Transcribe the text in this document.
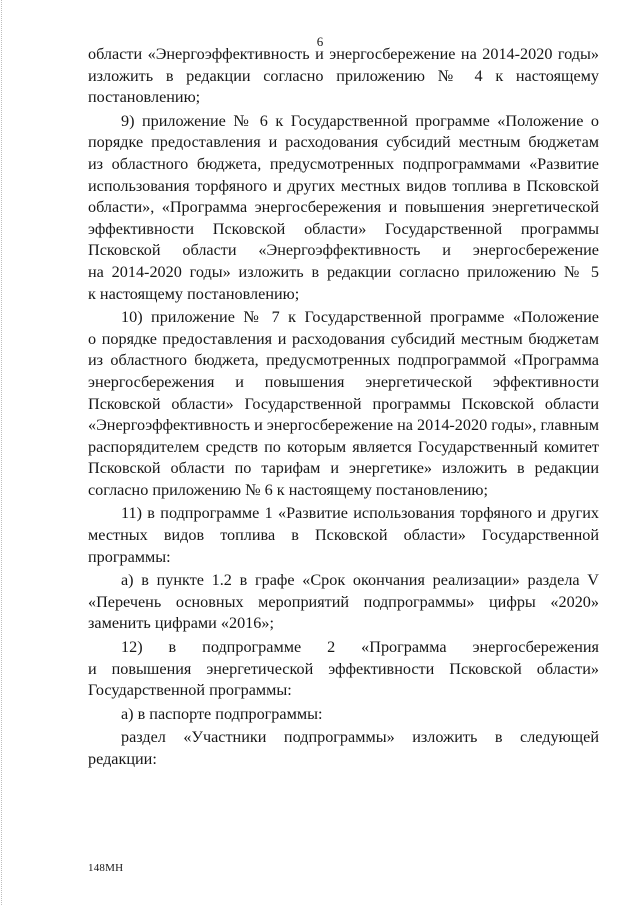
6
области «Энергоэффективность и энергосбережение на 2014-2020 годы»
изложить в редакции согласно приложению № 4 к настоящему
постановлению;
9) приложение № 6 к Государственной программе «Положение о
порядке предоставления и расходования субсидий местным бюджетам
из областного бюджета, предусмотренных подпрограммами «Развитие
использования торфяного и других местных видов топлива в Псковской
области», «Программа энергосбережения и повышения энергетической
эффективности Псковской области» Государственной программы
Псковской области «Энергоэффективность и энергосбережение
на 2014-2020 годы» изложить в редакции согласно приложению № 5
к настоящему постановлению;
10) приложение № 7 к Государственной программе «Положение
о порядке предоставления и расходования субсидий местным бюджетам
из областного бюджета, предусмотренных подпрограммой «Программа
энергосбережения и повышения энергетической эффективности
Псковской области» Государственной программы Псковской области
«Энергоэффективность и энергосбережение на 2014-2020 годы», главным
распорядителем средств по которым является Государственный комитет
Псковской области по тарифам и энергетике» изложить в редакции
согласно приложению № 6 к настоящему постановлению;
11) в подпрограмме 1 «Развитие использования торфяного и других
местных видов топлива в Псковской области» Государственной
программы:
а) в пункте 1.2 в графе «Срок окончания реализации» раздела V
«Перечень основных мероприятий подпрограммы» цифры «2020»
заменить цифрами «2016»;
12) в подпрограмме 2 «Программа энергосбережения
и повышения энергетической эффективности Псковской области»
Государственной программы:
а) в паспорте подпрограммы:
раздел «Участники подпрограммы» изложить в следующей
редакции:
148МН
